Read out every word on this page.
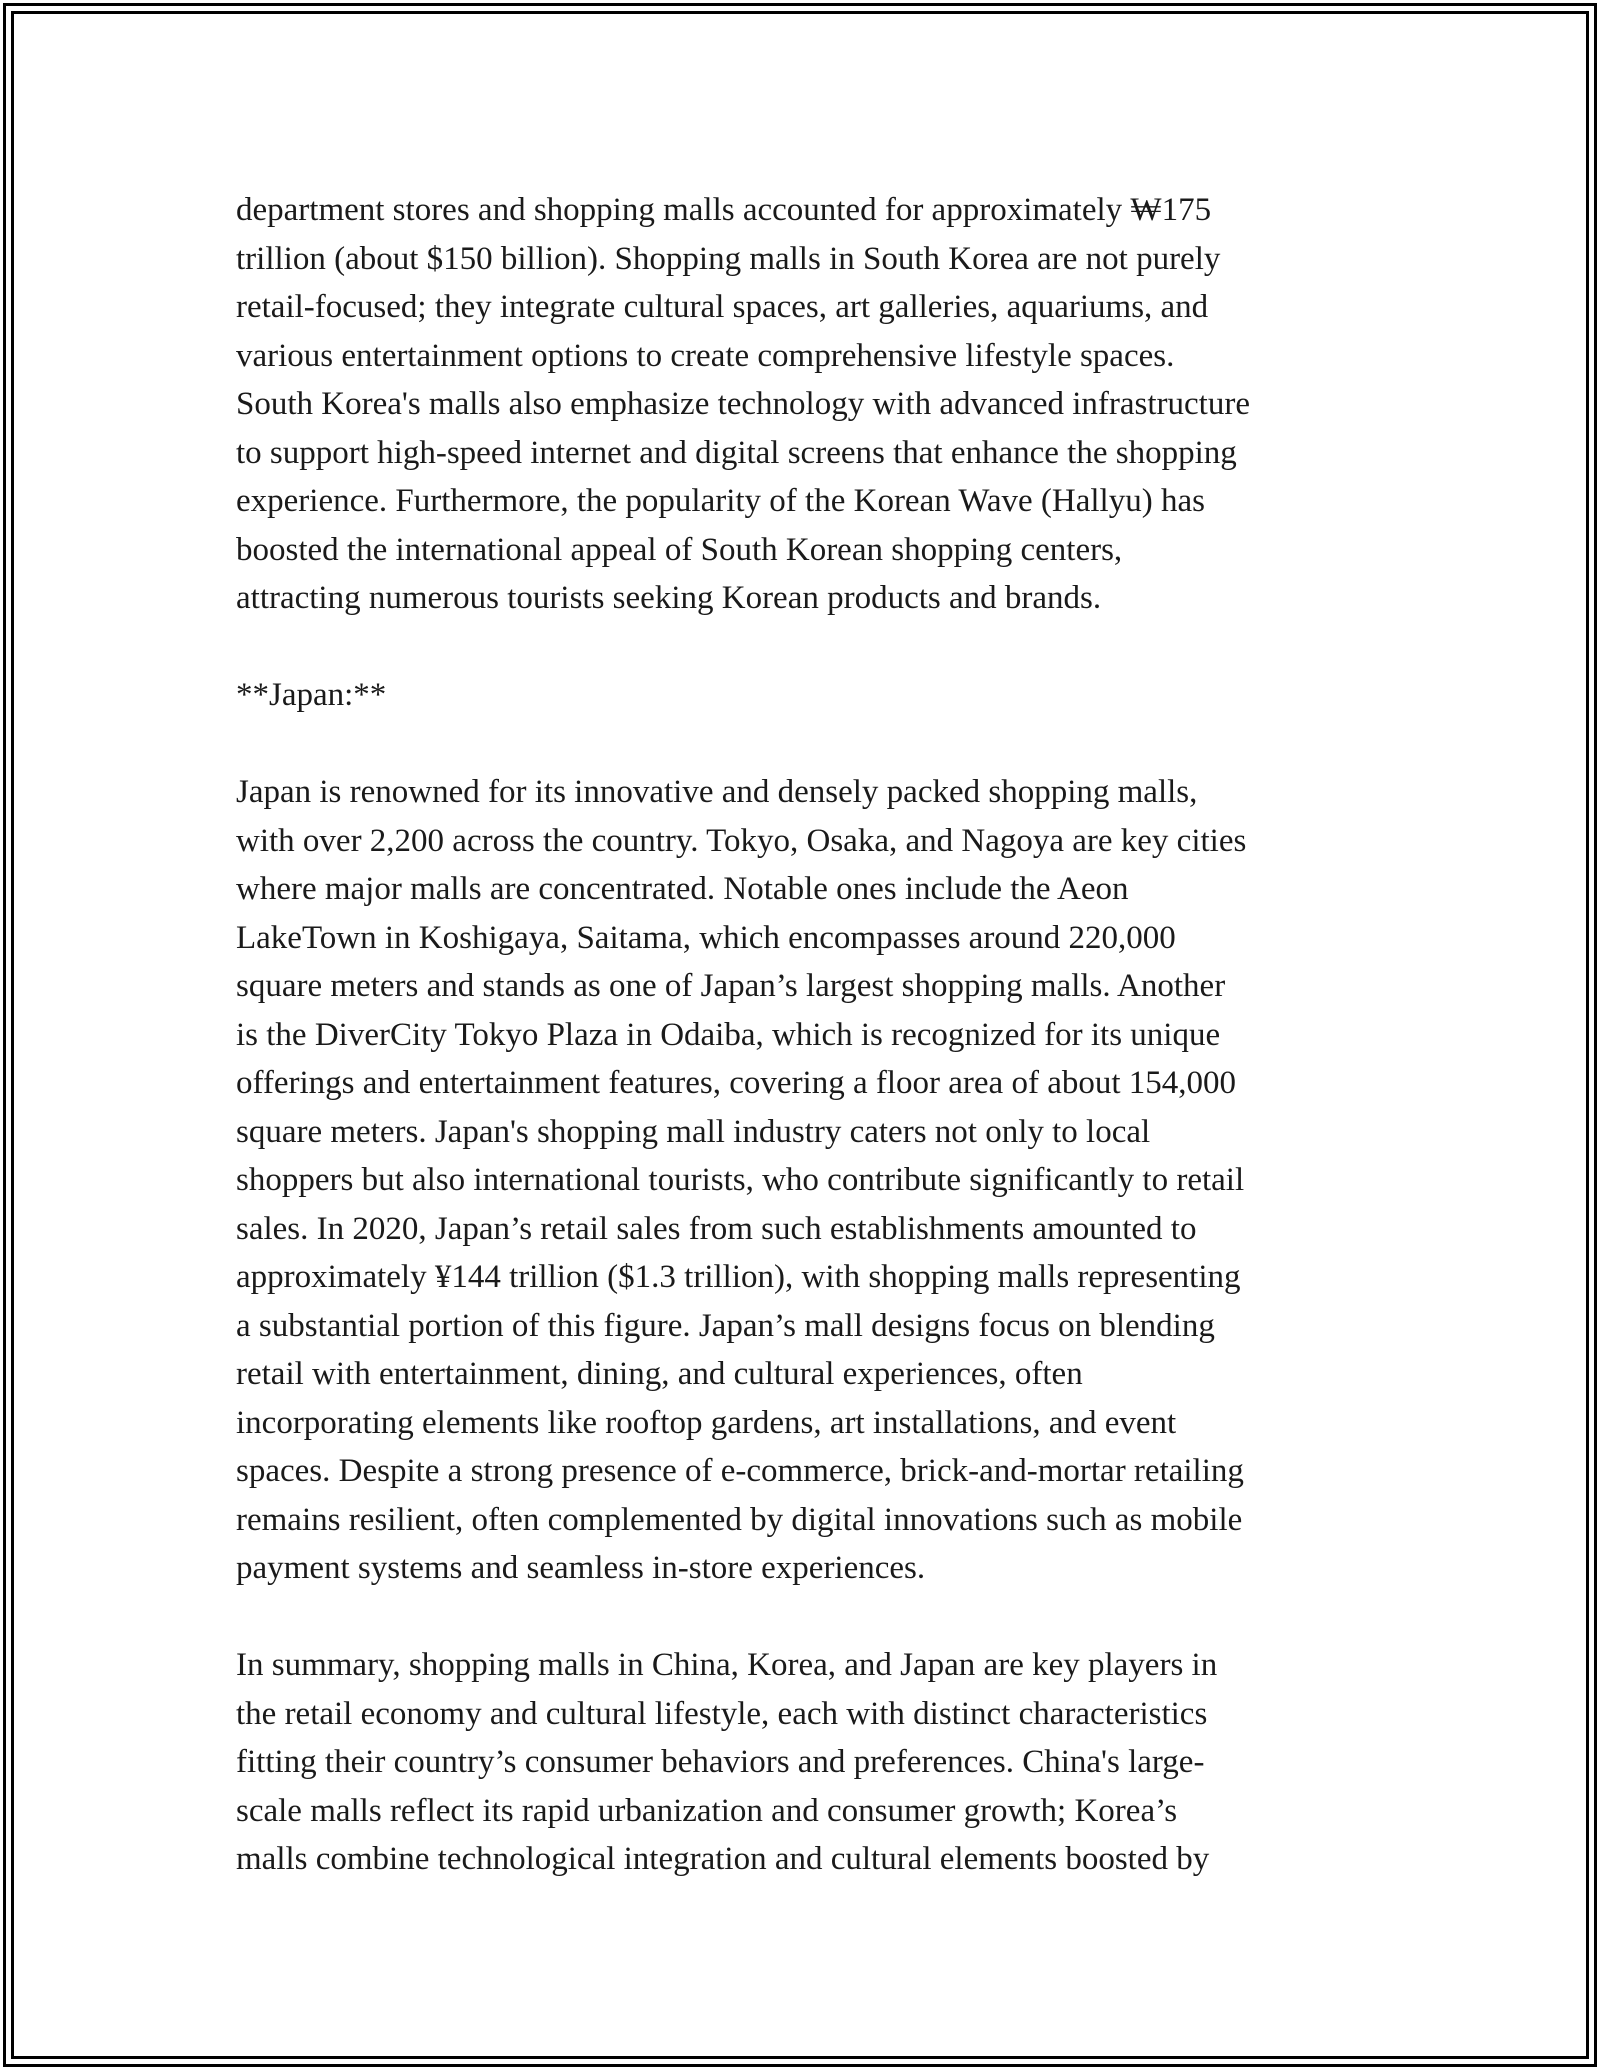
department stores and shopping malls accounted for approximately ₩175
trillion (about $150 billion). Shopping malls in South Korea are not purely
retail-focused; they integrate cultural spaces, art galleries, aquariums, and
various entertainment options to create comprehensive lifestyle spaces.
South Korea's malls also emphasize technology with advanced infrastructure
to support high-speed internet and digital screens that enhance the shopping
experience. Furthermore, the popularity of the Korean Wave (Hallyu) has
boosted the international appeal of South Korean shopping centers,
attracting numerous tourists seeking Korean products and brands.

**Japan:**

Japan is renowned for its innovative and densely packed shopping malls,
with over 2,200 across the country. Tokyo, Osaka, and Nagoya are key cities
where major malls are concentrated. Notable ones include the Aeon
LakeTown in Koshigaya, Saitama, which encompasses around 220,000
square meters and stands as one of Japan’s largest shopping malls. Another
is the DiverCity Tokyo Plaza in Odaiba, which is recognized for its unique
offerings and entertainment features, covering a floor area of about 154,000
square meters. Japan's shopping mall industry caters not only to local
shoppers but also international tourists, who contribute significantly to retail
sales. In 2020, Japan’s retail sales from such establishments amounted to
approximately ¥144 trillion ($1.3 trillion), with shopping malls representing
a substantial portion of this figure. Japan’s mall designs focus on blending
retail with entertainment, dining, and cultural experiences, often
incorporating elements like rooftop gardens, art installations, and event
spaces. Despite a strong presence of e-commerce, brick-and-mortar retailing
remains resilient, often complemented by digital innovations such as mobile
payment systems and seamless in-store experiences.

In summary, shopping malls in China, Korea, and Japan are key players in
the retail economy and cultural lifestyle, each with distinct characteristics
fitting their country’s consumer behaviors and preferences. China's large-
scale malls reflect its rapid urbanization and consumer growth; Korea’s
malls combine technological integration and cultural elements boosted by
